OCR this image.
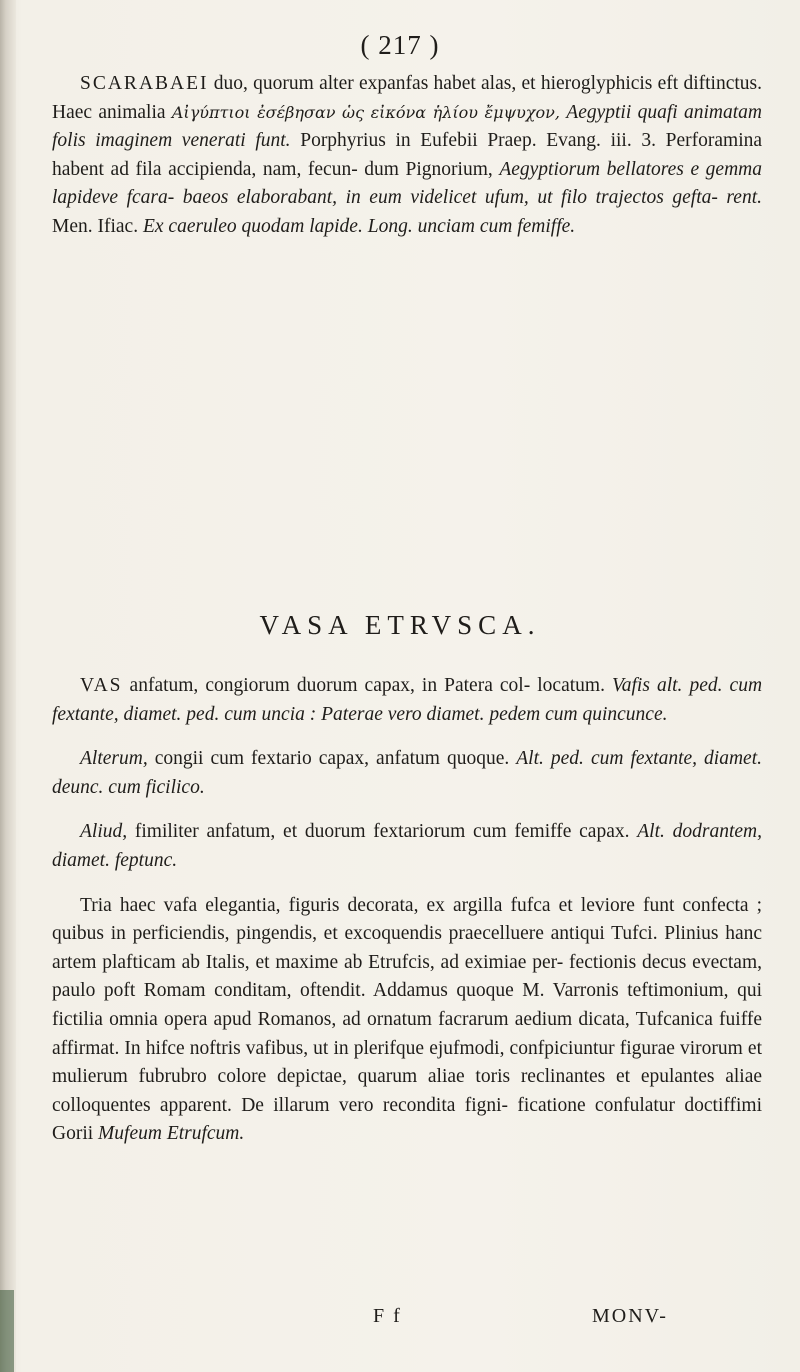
( 217 )
SCARABAEI duo, quorum alter expanfas habet alas, et hieroglyphicis eft diftinctus. Haec animalia Αἰγύπτιοι ἐσέβησαν ὡς εἰκόνα ἡλίου ἔμψυχον, Aegyptii quafi animatam folis imaginem venerati funt. Porphyrius in Eufebii Praep. Evang. iii. 3. Perforamina habent ad fila accipienda, nam, fecun- dum Pignorium, Aegyptiorum bellatores e gemma lapideve fcara- baeos elaborabant, in eum videlicet ufum, ut filo trajectos gefta- rent. Men. Ifiac. Ex caeruleo quodam lapide. Long. unciam cum femiffe.
VASA ETRVSCA.

VAS anfatum, congiorum duorum capax, in Patera col- locatum. Vafis alt. ped. cum fextante, diamet. ped. cum uncia : Paterae vero diamet. pedem cum quincunce.

Alterum, congii cum fextario capax, anfatum quoque. Alt. ped. cum fextante, diamet. deunc. cum ficilico.

Aliud, fimiliter anfatum, et duorum fextariorum cum femiffe capax. Alt. dodrantem, diamet. feptunc.

Tria haec vafa elegantia, figuris decorata, ex argilla fufca et leviore funt confecta ; quibus in perficiendis, pingendis, et excoquendis praecelluere antiqui Tufci. Plinius hanc artem plafticam ab Italis, et maxime ab Etrufcis, ad eximiae per- fectionis decus evectam, paulo poft Romam conditam, oftendit. Addamus quoque M. Varronis teftimonium, qui fictilia omnia opera apud Romanos, ad ornatum facrarum aedium dicata, Tufcanica fuiffe affirmat. In hifce noftris vafibus, ut in plerifque ejufmodi, confpiciuntur figurae virorum et mulierum fubrubro colore depictae, quarum aliae toris reclinantes et epulantes aliae colloquentes apparent. De illarum vero recondita figni- ficatione confulatur doctiffimi Gorii Mufeum Etrufcum.

F f	MONV-
